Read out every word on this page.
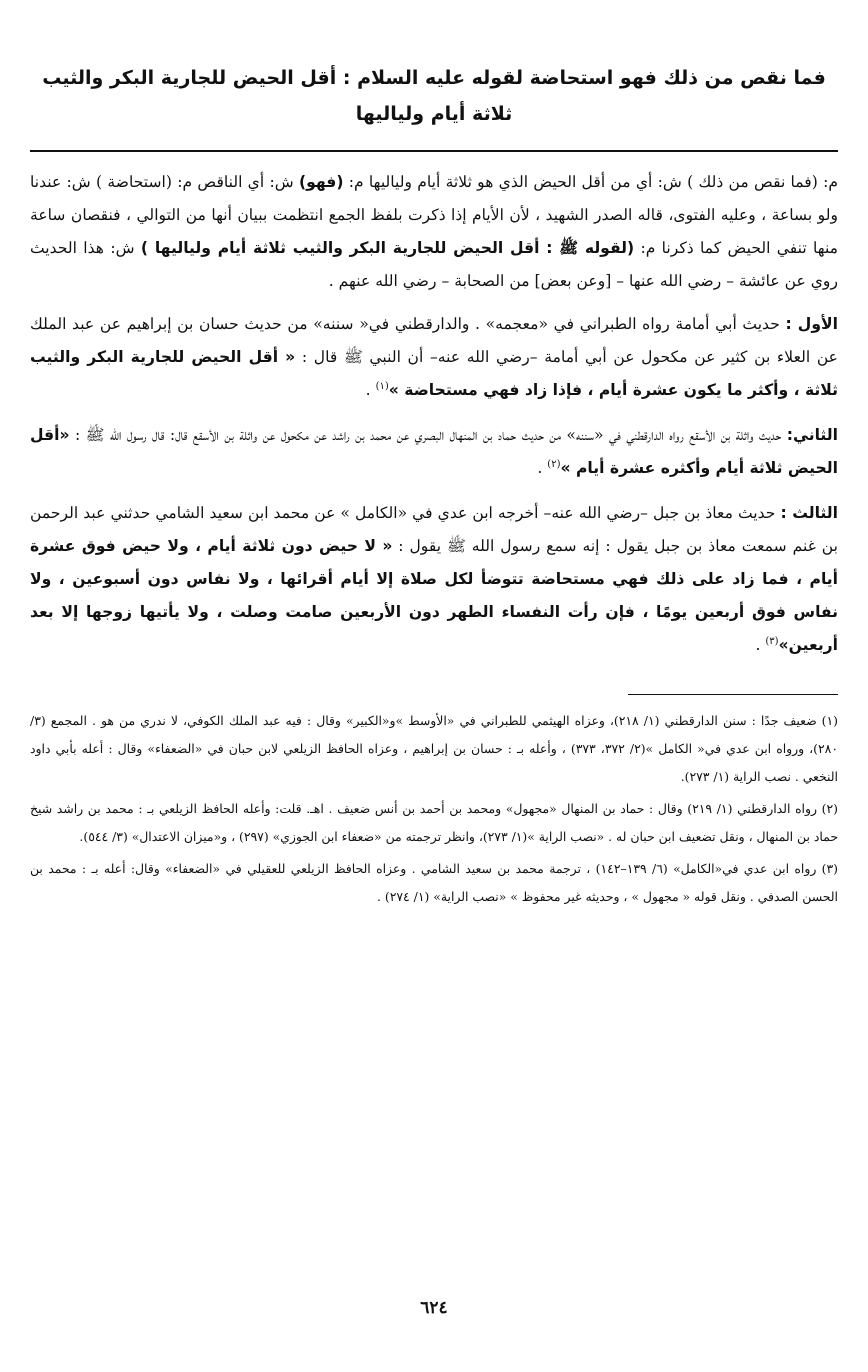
فما نقص من ذلك فهو استحاضة لقوله عليه السلام : أقل الحيض للجارية البكر والثيب ثلاثة أيام ولياليها

م: (فما نقص من ذلك ) ش: أي من أقل الحيض الذي هو ثلاثة أيام ولياليها م: (فهو) ش: أي الناقص م: (استحاضة ) ش: عندنا ولو بساعة ، وعليه الفتوى، قاله الصدر الشهيد ، لأن الأيام إذا ذكرت بلفظ الجمع انتظمت ببيان أنها من التوالي ، فنقصان ساعة منها تنفي الحيض كما ذكرنا م: (لقوله ﷺ : أقل الحيض للجارية البكر والثيب ثلاثة أيام ولياليها ) ش: هذا الحديث روي عن عائشة – رضي الله عنها – [وعن بعض] من الصحابة – رضي الله عنهم .

الأول : حديث أبي أمامة رواه الطبراني في «معجمه» . والدارقطني في« سننه» من حديث حسان بن إبراهيم عن عبد الملك عن العلاء بن كثير عن مكحول عن أبي أمامة –رضي الله عنه– أن النبي ﷺ قال : « أقل الحيض للجارية البكر والثيب ثلاثة ، وأكثر ما يكون عشرة أيام ، فإذا زاد فهي مستحاضة »$^{(١)}$ .

الثاني: حديث واثلة بن الأسقع رواه الدارقطني في «سننه» من حديث حماد بن المنهال البصري عن محمد بن راشد عن مكحول عن واثلة بن الأسقع قال: قال رسول الله ﷺ : «أقل الحيض ثلاثة أيام وأكثره عشرة أيام »$^{(٢)}$ .

الثالث : حديث معاذ بن جبل –رضي الله عنه– أخرجه ابن عدي في «الكامل » عن محمد ابن سعيد الشامي حدثني عبد الرحمن بن غنم سمعت معاذ بن جبل يقول : إنه سمع رسول الله ﷺ يقول : « لا حيض دون ثلاثة أيام ، ولا حيض فوق عشرة أيام ، فما زاد على ذلك فهي مستحاضة تتوضأ لكل صلاة إلا أيام أقرائها ، ولا نفاس دون أسبوعين ، ولا نفاس فوق أربعين يومًا ، فإن رأت النفساء الطهر دون الأربعين صامت وصلت ، ولا يأتيها زوجها إلا بعد أربعين»$^{(٣)}$ .

(١) ضعيف جدًا : سنن الدارقطني (١/ ٢١٨)، وعزاه الهيثمي للطبراني في «الأوسط »و«الكبير» وقال : فيه عبد الملك الكوفي، لا ندري من هو . المجمع (٣/ ٢٨٠)، ورواه ابن عدي في« الكامل »(٢/ ٣٧٢، ٣٧٣) ، وأعله بـ : حسان بن إبراهيم ، وعزاه الحافظ الزيلعي لابن حبان في «الضعفاء» وقال : أعله بأبي داود النخعي . نصب الراية (١/ ٢٧٣).

(٢) رواه الدارقطني (١/ ٢١٩) وقال : حماد بن المنهال «مجهول» ومحمد بن أحمد بن أنس ضعيف . اهـ. قلت: وأعله الحافظ الزيلعي بـ : محمد بن راشد شيخ حماد بن المنهال ، ونقل تضعيف ابن حبان له . «نصب الراية »(١/ ٢٧٣)، وانظر ترجمته من «ضعفاء ابن الجوزي» (٢٩٧) ، و«ميزان الاعتدال» (٣/ ٥٤٤).

(٣) رواه ابن عدي في«الكامل» (٦/ ١٣٩–١٤٢) ، ترجمة محمد بن سعيد الشامي . وعزاه الحافظ الزيلعي للعقيلي في «الضعفاء» وقال: أعله بـ : محمد بن الحسن الصدفي . ونقل قوله « مجهول » ، وحديثه غير محفوظ » «نصب الراية» (١/ ٢٧٤) .

٦٢٤
